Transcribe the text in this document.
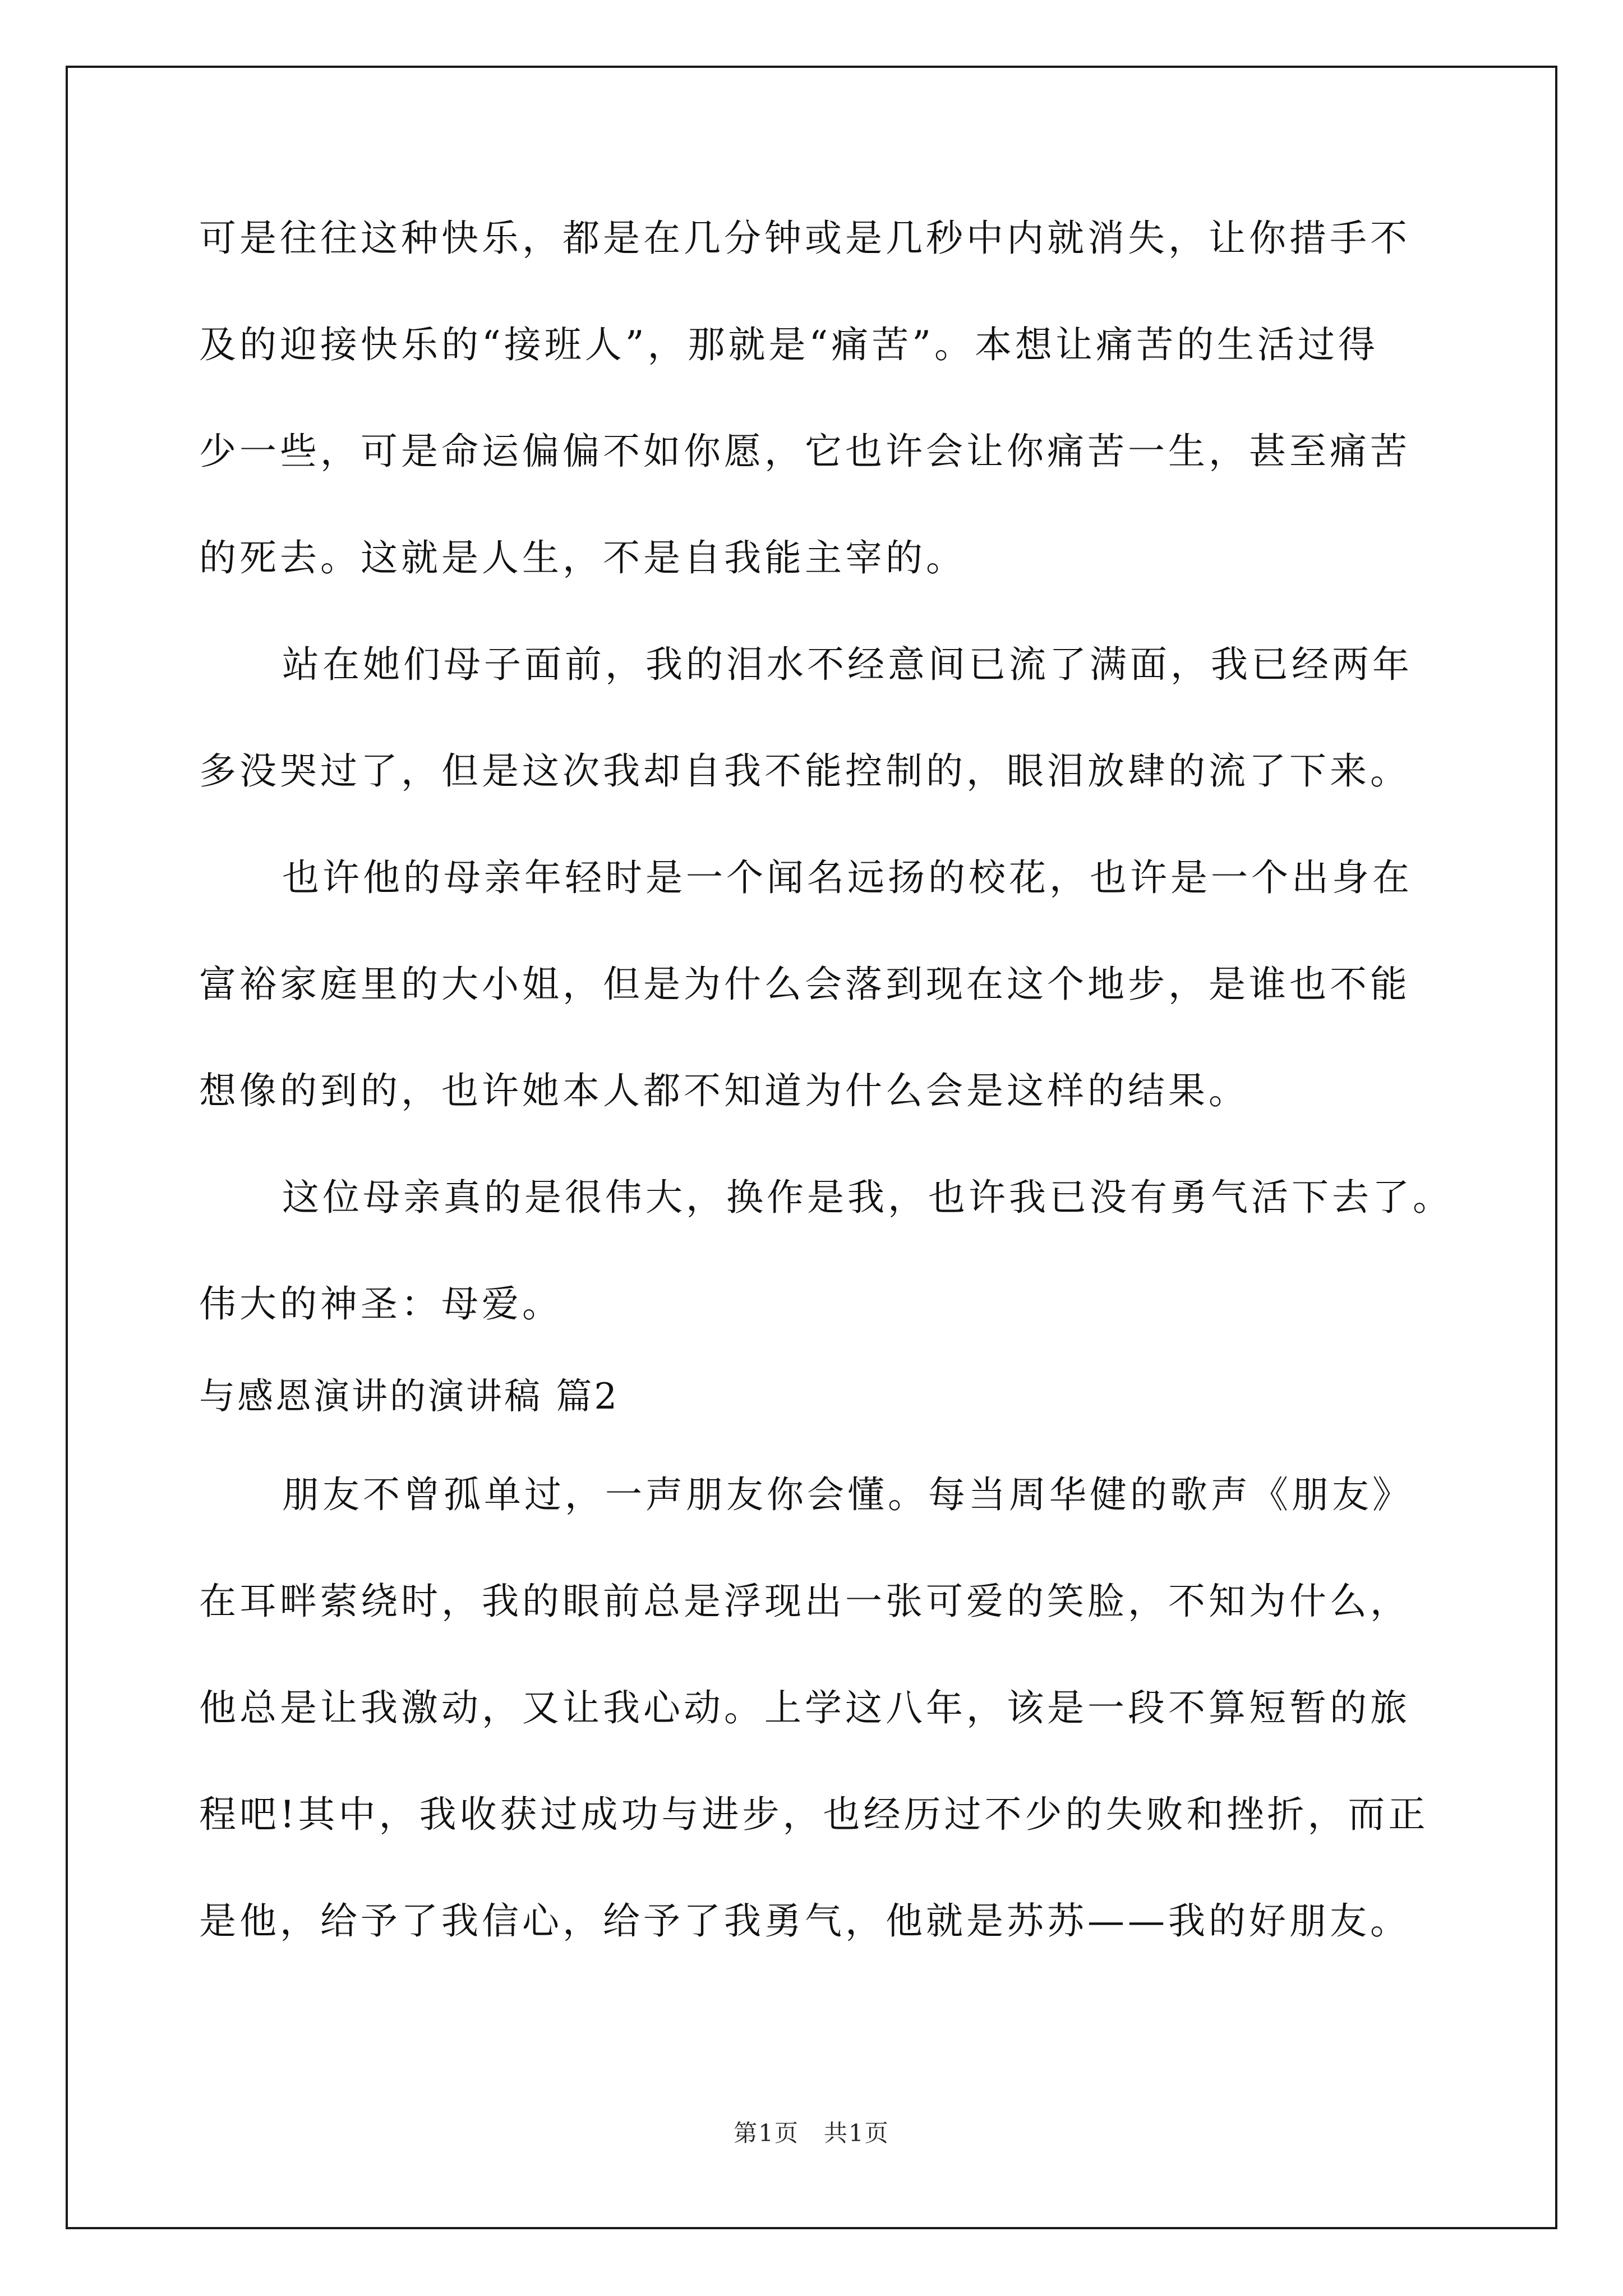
可是往往这种快乐，都是在几分钟或是几秒中内就消失，让你措手不
及的迎接快乐的“接班人”，那就是“痛苦”。本想让痛苦的生活过得
少一些，可是命运偏偏不如你愿，它也许会让你痛苦一生，甚至痛苦
的死去。这就是人生，不是自我能主宰的。
站在她们母子面前，我的泪水不经意间已流了满面，我已经两年
多没哭过了，但是这次我却自我不能控制的，眼泪放肆的流了下来。
也许他的母亲年轻时是一个闻名远扬的校花，也许是一个出身在
富裕家庭里的大小姐，但是为什么会落到现在这个地步，是谁也不能
想像的到的，也许她本人都不知道为什么会是这样的结果。
这位母亲真的是很伟大，换作是我，也许我已没有勇气活下去了。
伟大的神圣：母爱。
与感恩演讲的演讲稿 篇2
朋友不曾孤单过，一声朋友你会懂。每当周华健的歌声《朋友》
在耳畔萦绕时，我的眼前总是浮现出一张可爱的笑脸，不知为什么，
他总是让我激动，又让我心动。上学这八年，该是一段不算短暂的旅
程吧!其中，我收获过成功与进步，也经历过不少的失败和挫折，而正
是他，给予了我信心，给予了我勇气，他就是苏苏——我的好朋友。
第1页　共1页
